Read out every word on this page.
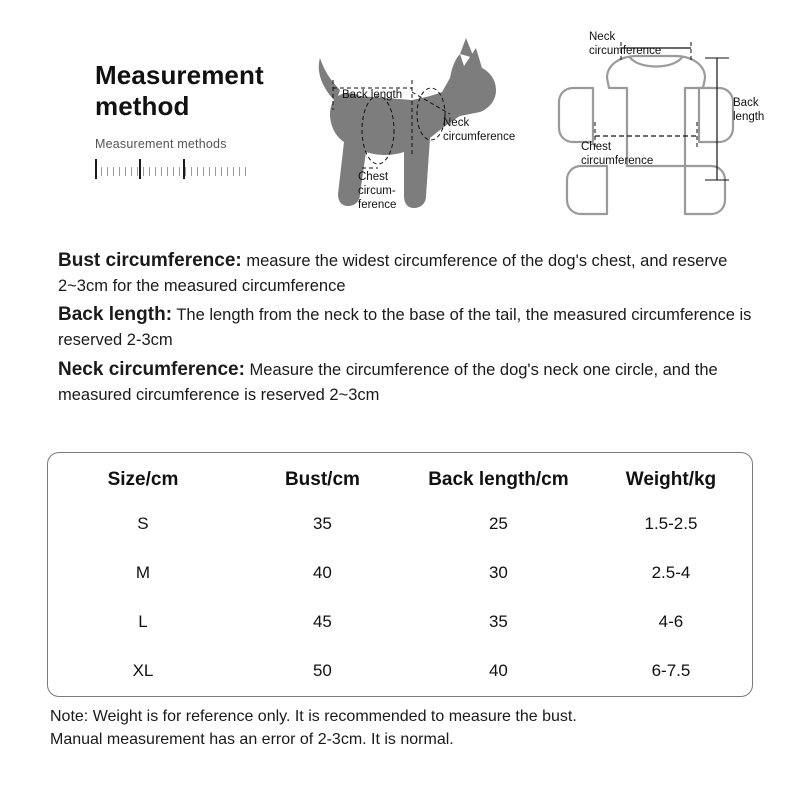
Measurement
method
Measurement methods
Back length
Neck
circumference
Chest
circum-
ference
Neck
circumference
Chest
circumference
Back
length

Bust circumference: measure the widest circumference of the dog's chest, and reserve 2~3cm for the measured circumference

Back length: The length from the neck to the base of the tail, the measured circumference is reserved 2-3cm

Neck circumference: Measure the circumference of the dog's neck one circle, and the measured circumference is reserved 2~3cm

Size/cm	Bust/cm	Back length/cm	Weight/kg
S	35	25	1.5-2.5
M	40	30	2.5-4
L	45	35	4-6
XL	50	40	6-7.5
Note: Weight is for reference only. It is recommended to measure the bust.
Manual measurement has an error of 2-3cm. It is normal.
